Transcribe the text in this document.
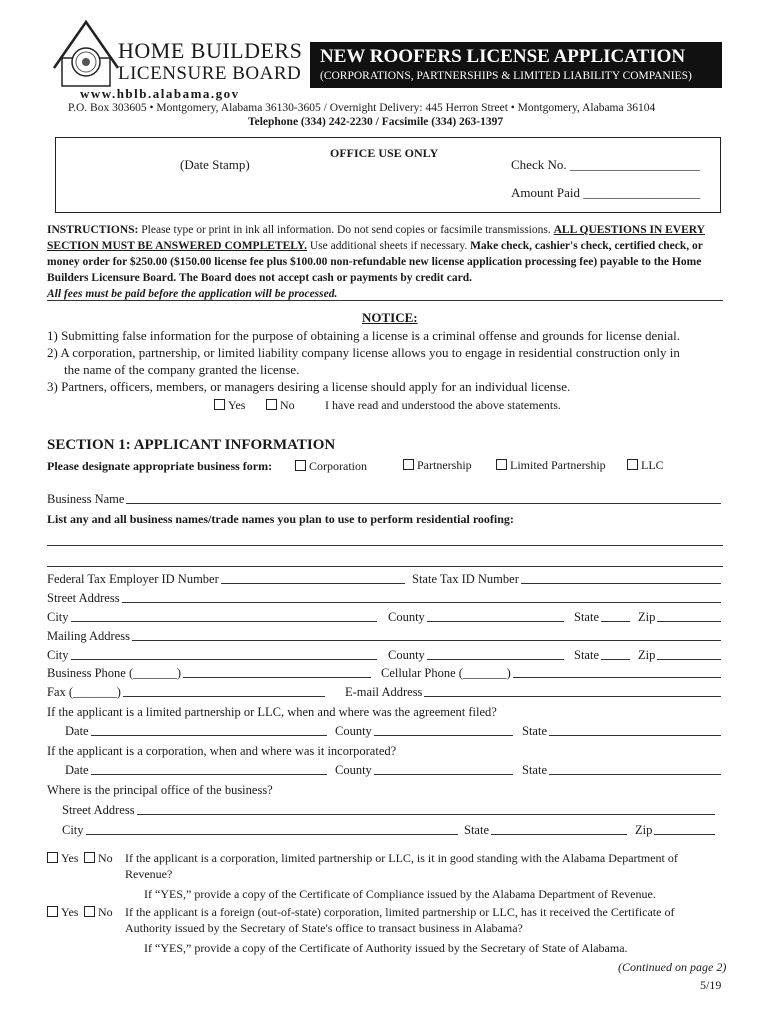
HOME BUILDERS
LICENSURE BOARD
www.hblb.alabama.gov
NEW ROOFERS LICENSE APPLICATION
(CORPORATIONS, PARTNERSHIPS & LIMITED LIABILITY COMPANIES)
P.O. Box 303605 • Montgomery, Alabama 36130-3605 / Overnight Delivery: 445 Herron Street • Montgomery, Alabama 36104
Telephone (334) 242-2230 / Facsimile (334) 263-1397
OFFICE USE ONLY
(Date Stamp)	Check No. ____________________
Amount Paid __________________
INSTRUCTIONS: Please type or print in ink all information. Do not send copies or facsimile transmissions. ALL QUESTIONS IN EVERY SECTION MUST BE ANSWERED COMPLETELY. Use additional sheets if necessary. Make check, cashier's check, certified check, or money order for $250.00 ($150.00 license fee plus $100.00 non-refundable new license application processing fee) payable to the Home Builders Licensure Board. The Board does not accept cash or payments by credit card.
All fees must be paid before the application will be processed.
NOTICE:
1) Submitting false information for the purpose of obtaining a license is a criminal offense and grounds for license denial.
2) A corporation, partnership, or limited liability company license allows you to engage in residential construction only in
the name of the company granted the license.
3) Partners, officers, members, or managers desiring a license should apply for an individual license.
Yes	No	I have read and understood the above statements.
SECTION 1: APPLICANT INFORMATION
Please designate appropriate business form:	Corporation	Partnership	Limited Partnership	LLC
Business Name
List any and all business names/trade names you plan to use to perform residential roofing:
Federal Tax Employer ID Number	State Tax ID Number
Street Address
City	County	State	Zip
Mailing Address
City	County	State	Zip
Business Phone (_______)	Cellular Phone (_______)
Fax (_______)	E-mail Address
If the applicant is a limited partnership or LLC, when and where was the agreement filed?
Date	County	State
If the applicant is a corporation, when and where was it incorporated?
Date	County	State
Where is the principal office of the business?
Street Address
City	State	Zip
Yes	No If the applicant is a corporation, limited partnership or LLC, is it in good standing with the Alabama Department of Revenue?
If “YES,” provide a copy of the Certificate of Compliance issued by the Alabama Department of Revenue.
Yes	No If the applicant is a foreign (out-of-state) corporation, limited partnership or LLC, has it received the Certificate of Authority issued by the Secretary of State's office to transact business in Alabama?
If “YES,” provide a copy of the Certificate of Authority issued by the Secretary of State of Alabama.
(Continued on page 2)
5/19
